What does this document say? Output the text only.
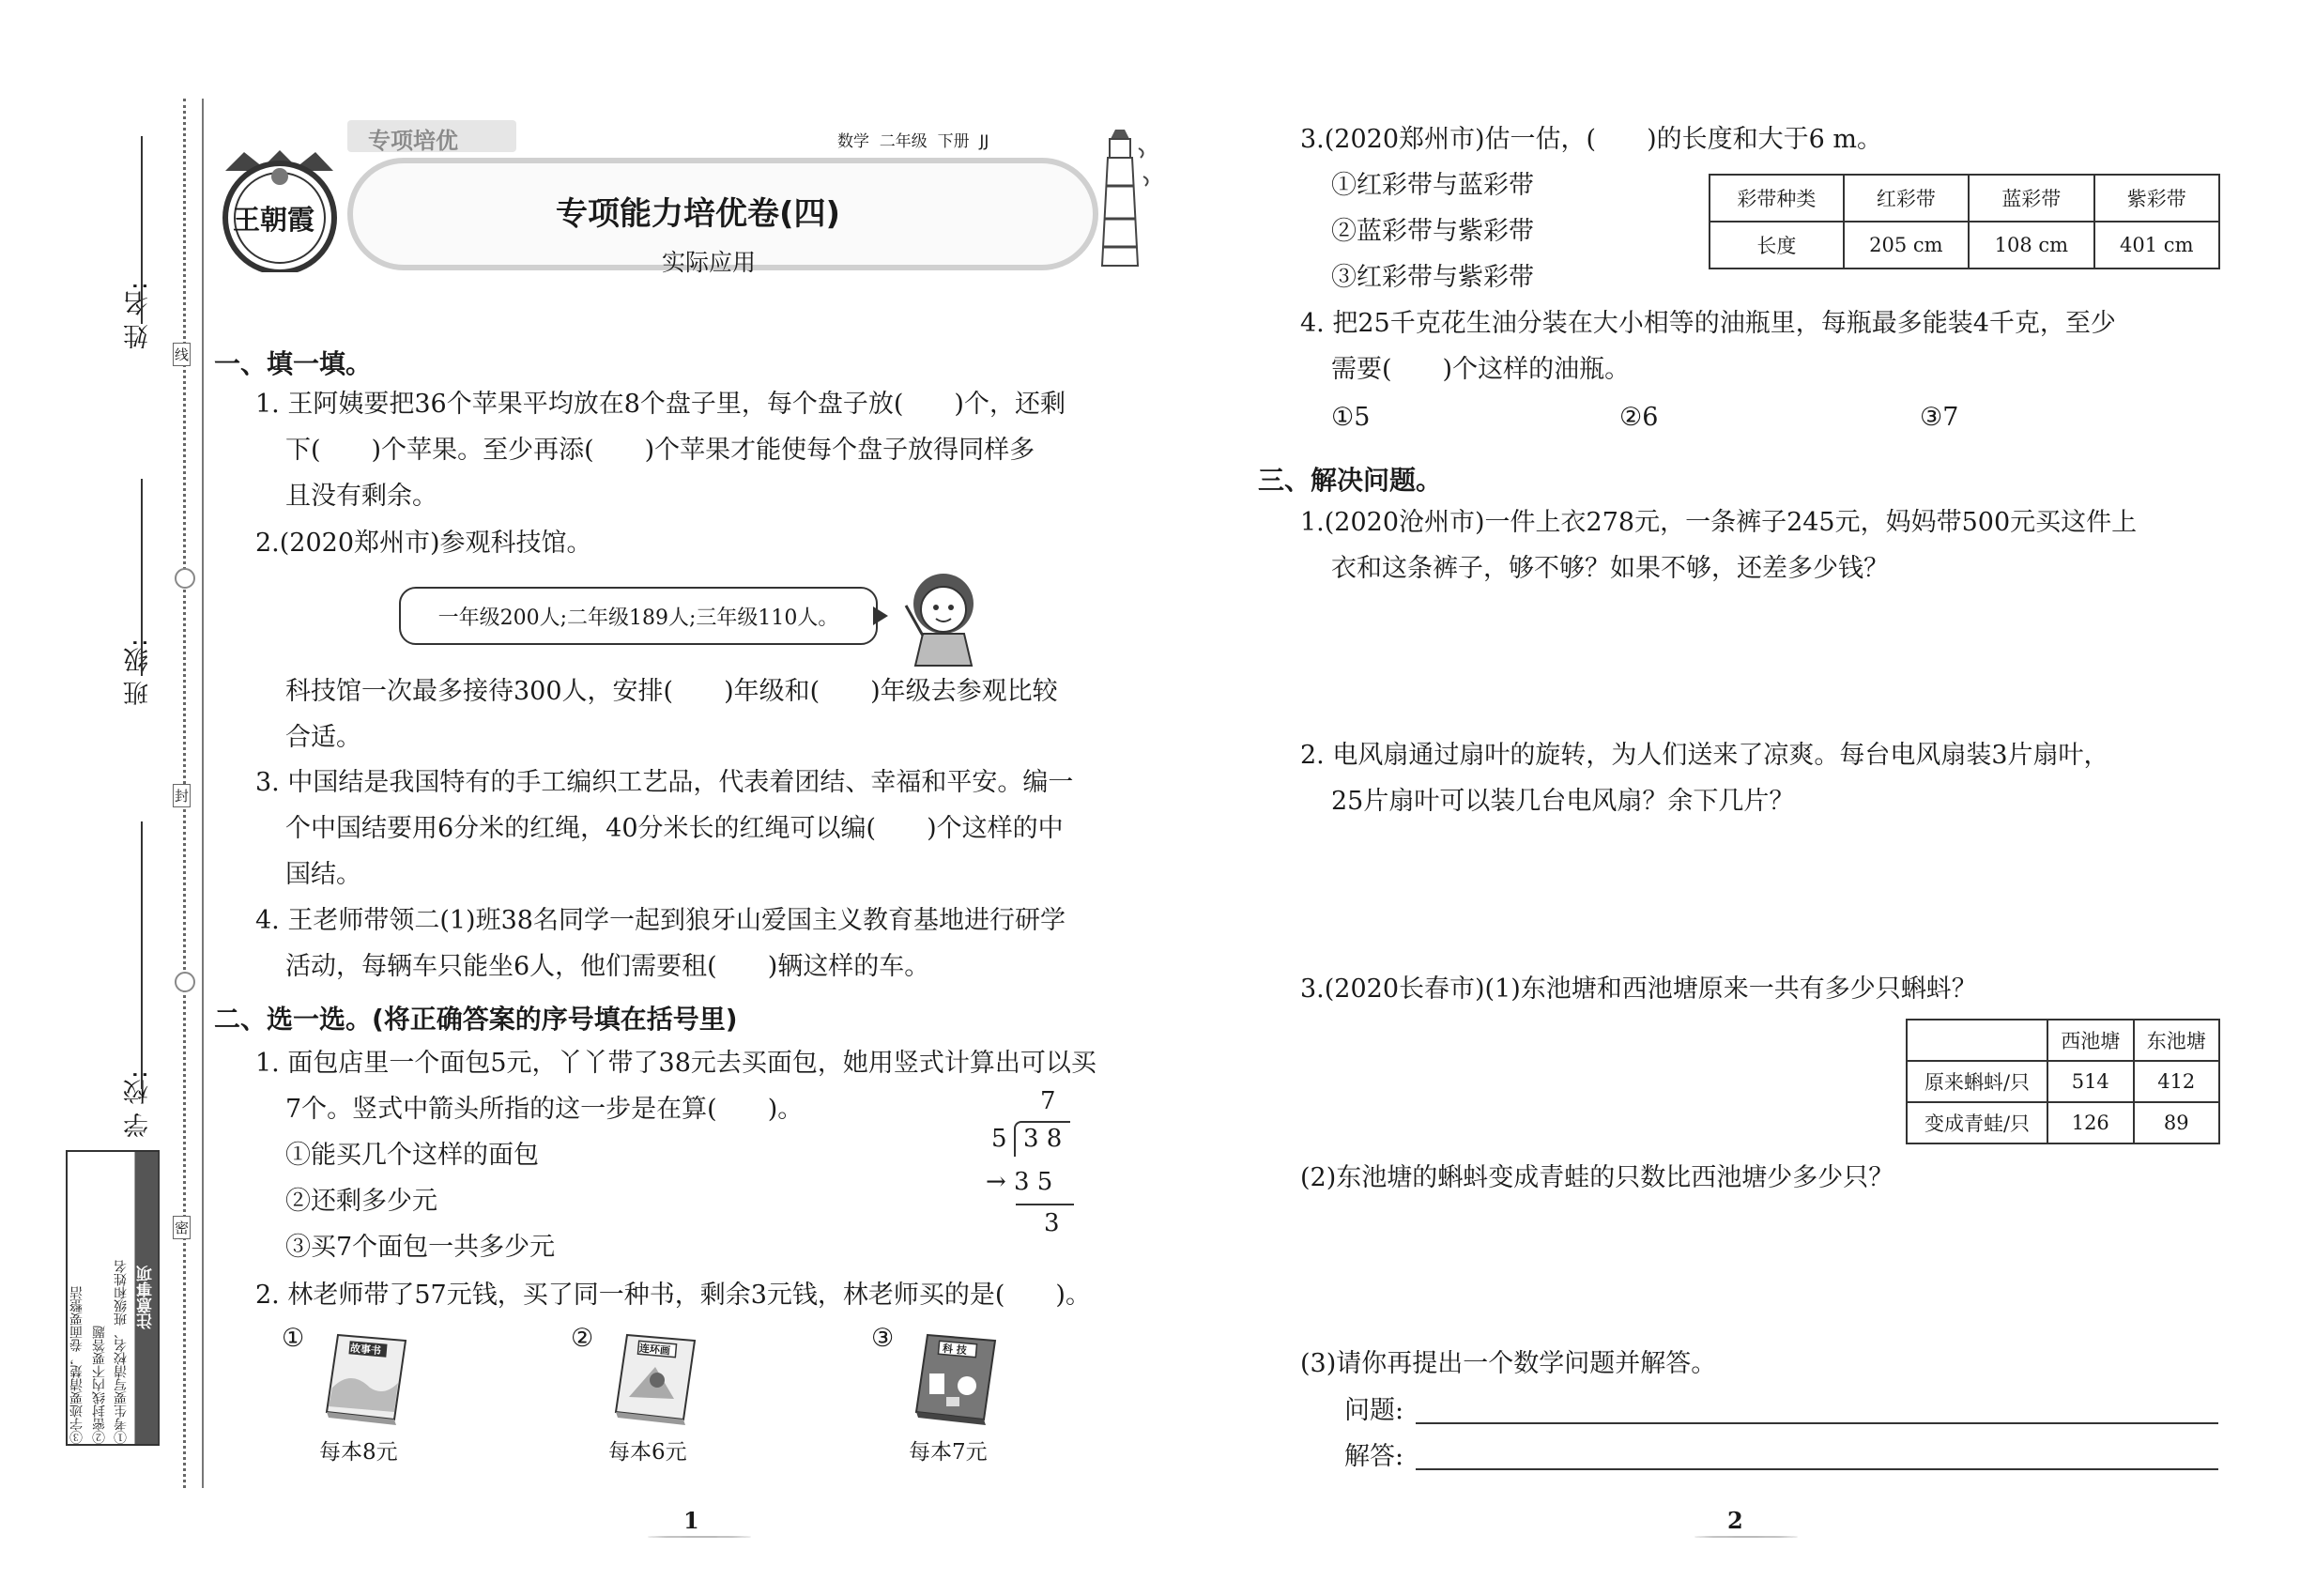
姓 名:
班 级:
学 校:
线
封
密
注意事项
①考生要写清校名、班级和姓名
②密封线内不要答题
③字迹要清楚，卷面要整洁
专项培优	数学  二年级  下册  JJ
专项能力培优卷(四)
实际应用
王朝霞
一、填一填。
1. 王阿姨要把36个苹果平均放在8个盘子里，每个盘子放(　　)个，还剩
下(　　)个苹果。至少再添(　　)个苹果才能使每个盘子放得同样多
且没有剩余。
2.(2020郑州市)参观科技馆。
一年级200人;二年级189人;三年级110人。
科技馆一次最多接待300人，安排(　　)年级和(　　)年级去参观比较
合适。
3. 中国结是我国特有的手工编织工艺品，代表着团结、幸福和平安。编一
个中国结要用6分米的红绳，40分米长的红绳可以编(　　)个这样的中
国结。
4. 王老师带领二(1)班38名同学一起到狼牙山爱国主义教育基地进行研学
活动，每辆车只能坐6人，他们需要租(　　)辆这样的车。
二、选一选。(将正确答案的序号填在括号里)
1. 面包店里一个面包5元，丫丫带了38元去买面包，她用竖式计算出可以买
7个。竖式中箭头所指的这一步是在算(　　)。
①能买几个这样的面包
②还剩多少元
③买7个面包一共多少元
7
5 3 8
→ 3 5
3
2. 林老师带了57元钱，买了同一种书，剩余3元钱，林老师买的是(　　)。
①	故事书
每本8元
②	连环画
每本6元
③	科 技
每本7元
1
3.(2020郑州市)估一估，(　　)的长度和大于6 m。
①红彩带与蓝彩带
②蓝彩带与紫彩带
③红彩带与紫彩带
彩带种类	红彩带	蓝彩带	紫彩带
长度	205 cm	108 cm	401 cm
4. 把25千克花生油分装在大小相等的油瓶里，每瓶最多能装4千克，至少
需要(　　)个这样的油瓶。
①5	②6	③7
三、解决问题。
1.(2020沧州市)一件上衣278元，一条裤子245元，妈妈带500元买这件上
衣和这条裤子，够不够？如果不够，还差多少钱？
2. 电风扇通过扇叶的旋转，为人们送来了凉爽。每台电风扇装3片扇叶，
25片扇叶可以装几台电风扇？余下几片？
3.(2020长春市)(1)东池塘和西池塘原来一共有多少只蝌蚪？
	西池塘	东池塘
原来蝌蚪/只	514	412
变成青蛙/只	126	89
(2)东池塘的蝌蚪变成青蛙的只数比西池塘少多少只？
(3)请你再提出一个数学问题并解答。
问题:
解答:
2
